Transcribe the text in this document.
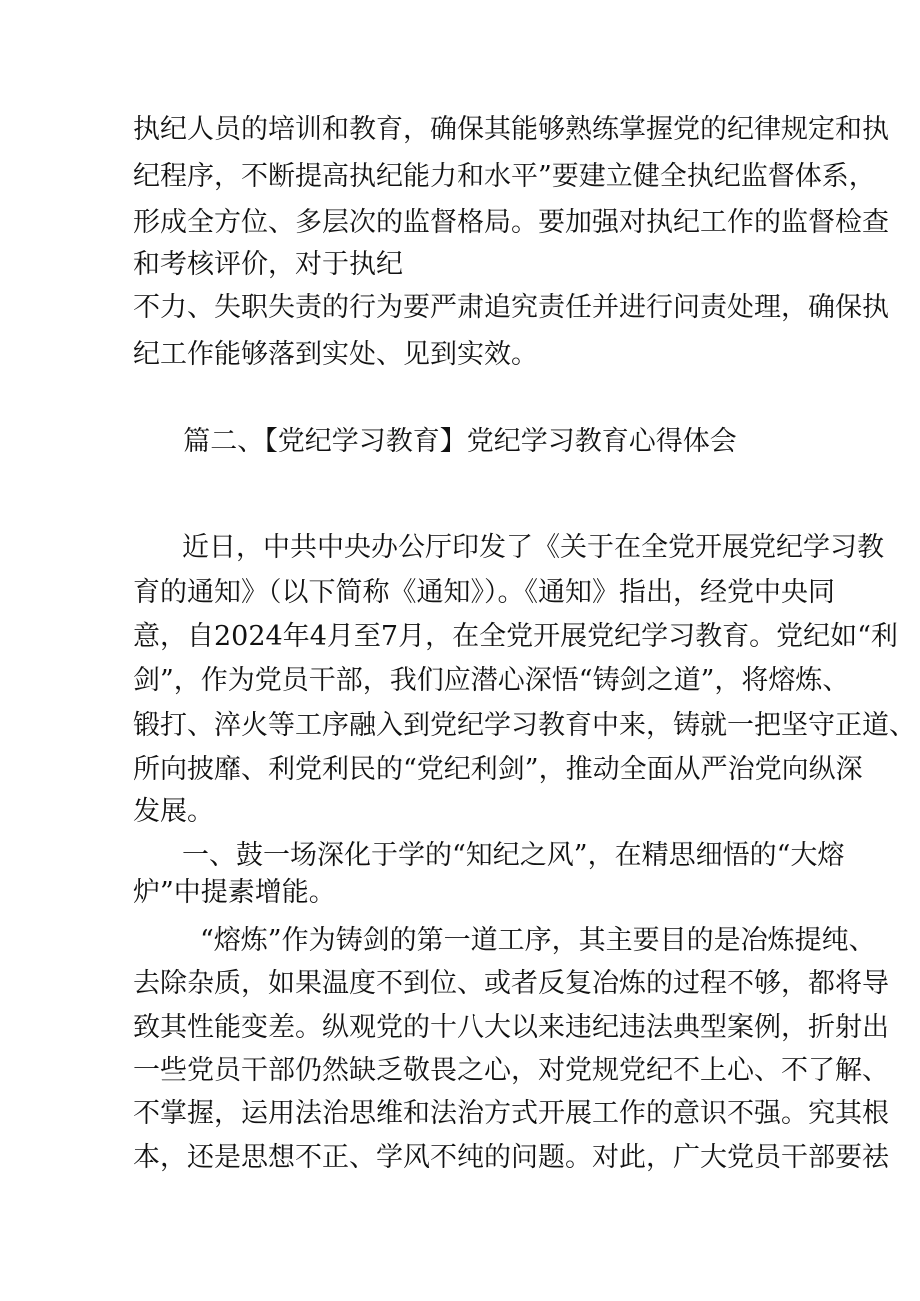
执纪人员的培训和教育，确保其能够熟练掌握党的纪律规定和执
纪程序，不断提高执纪能力和水平”要建立健全执纪监督体系，
形成全方位、多层次的监督格局。要加强对执纪工作的监督检查
和考核评价，对于执纪
不力、失职失责的行为要严肃追究责任并进行问责处理，确保执
纪工作能够落到实处、见到实效。
篇二、【党纪学习教育】党纪学习教育心得体会
近日，中共中央办公厅印发了《关于在全党开展党纪学习教
育的通知》（以下简称《通知》）。《通知》指出，经党中央同
意，自2024年4月至7月，在全党开展党纪学习教育。党纪如“利
剑”，作为党员干部，我们应潜心深悟“铸剑之道”，将熔炼、
锻打、淬火等工序融入到党纪学习教育中来，铸就一把坚守正道、
所向披靡、利党利民的“党纪利剑”，推动全面从严治党向纵深
发展。
一、鼓一场深化于学的“知纪之风”，在精思细悟的“大熔
炉”中提素增能。
“熔炼”作为铸剑的第一道工序，其主要目的是冶炼提纯、
去除杂质，如果温度不到位、或者反复冶炼的过程不够，都将导
致其性能变差。纵观党的十八大以来违纪违法典型案例，折射出
一些党员干部仍然缺乏敬畏之心，对党规党纪不上心、不了解、
不掌握，运用法治思维和法治方式开展工作的意识不强。究其根
本，还是思想不正、学风不纯的问题。对此，广大党员干部要祛
